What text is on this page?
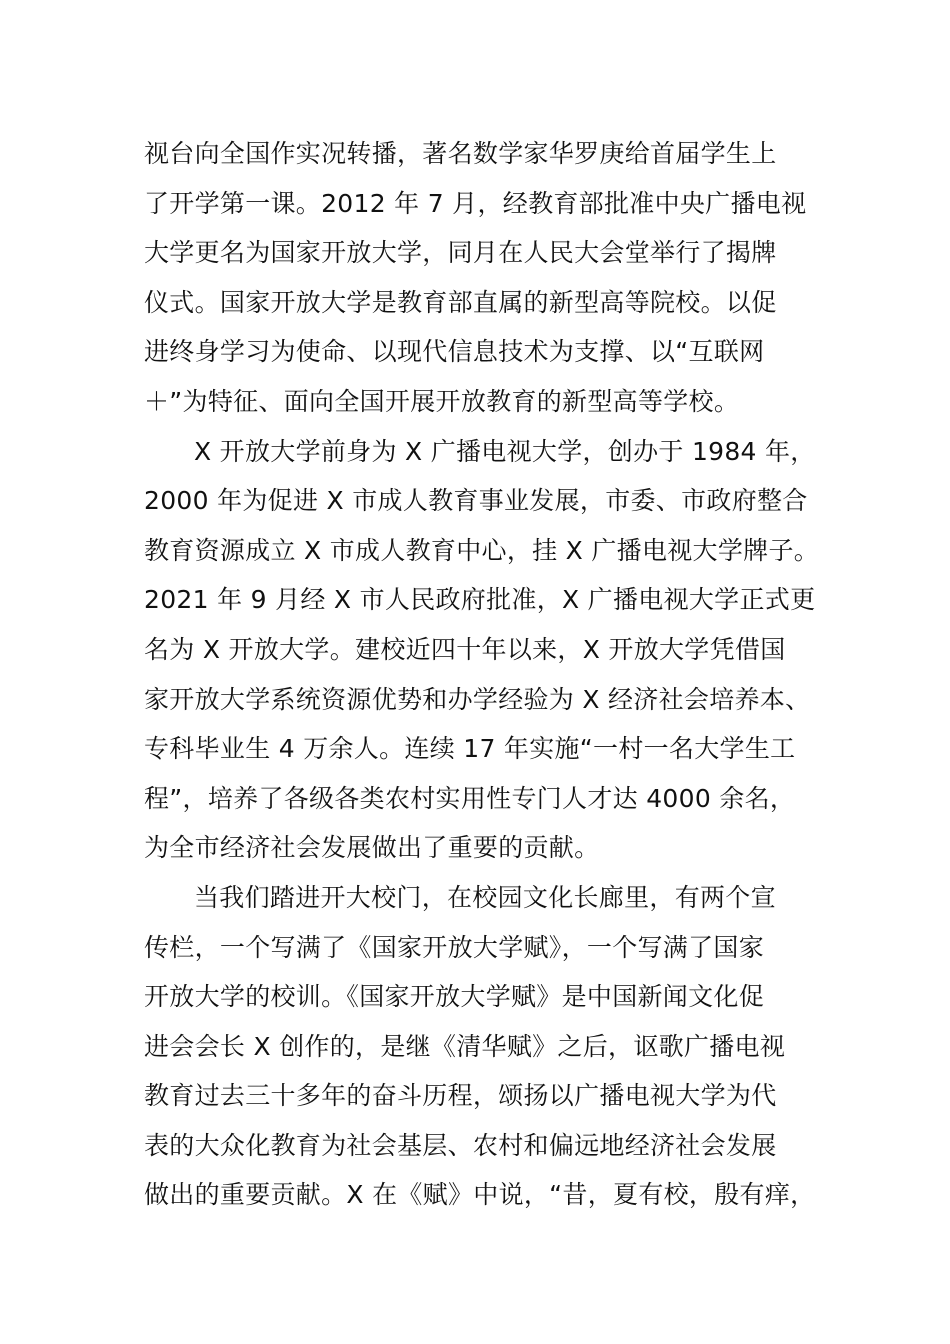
视台向全国作实况转播，著名数学家华罗庚给首届学生上
了开学第一课。2012 年 7 月，经教育部批准中央广播电视
大学更名为国家开放大学，同月在人民大会堂举行了揭牌
仪式。国家开放大学是教育部直属的新型高等院校。以促
进终身学习为使命、以现代信息技术为支撑、以“互联网
＋”为特征、面向全国开展开放教育的新型高等学校。
X 开放大学前身为 X 广播电视大学，创办于 1984 年，
2000 年为促进 X 市成人教育事业发展，市委、市政府整合
教育资源成立 X 市成人教育中心，挂 X 广播电视大学牌子。
2021 年 9 月经 X 市人民政府批准，X 广播电视大学正式更
名为 X 开放大学。建校近四十年以来，X 开放大学凭借国
家开放大学系统资源优势和办学经验为 X 经济社会培养本、
专科毕业生 4 万余人。连续 17 年实施“一村一名大学生工
程”，培养了各级各类农村实用性专门人才达 4000 余名，
为全市经济社会发展做出了重要的贡献。
当我们踏进开大校门，在校园文化长廊里，有两个宣
传栏，一个写满了《国家开放大学赋》，一个写满了国家
开放大学的校训。《国家开放大学赋》是中国新闻文化促
进会会长 X 创作的，是继《清华赋》之后，讴歌广播电视
教育过去三十多年的奋斗历程，颂扬以广播电视大学为代
表的大众化教育为社会基层、农村和偏远地经济社会发展
做出的重要贡献。X 在《赋》中说，“昔，夏有校，殷有痒，
